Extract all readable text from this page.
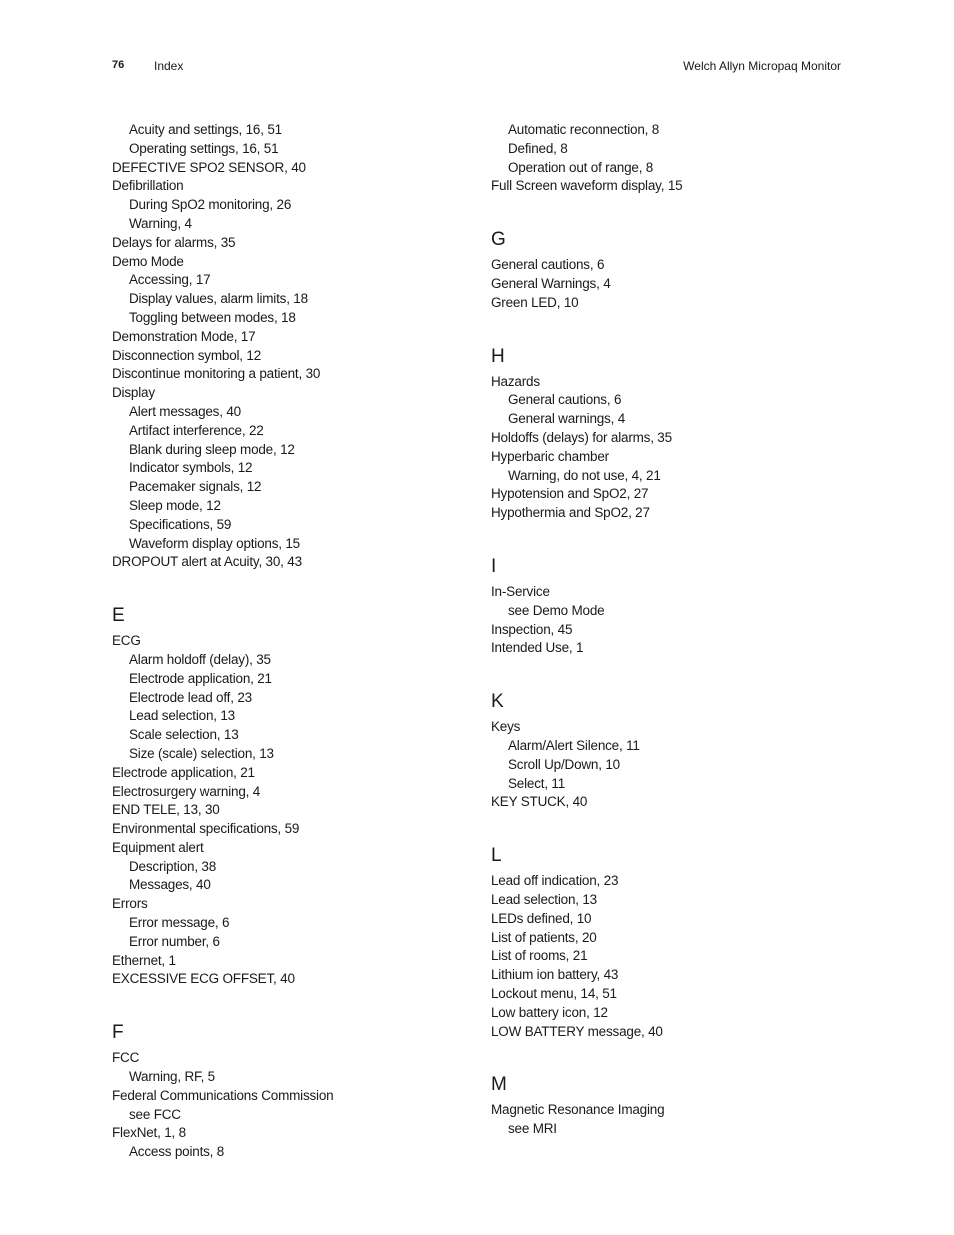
76 Index	Welch Allyn Micropaq Monitor
Acuity and settings, 16, 51
Operating settings, 16, 51
DEFECTIVE SPO2 SENSOR, 40
Defibrillation
During SpO2 monitoring, 26
Warning, 4
Delays for alarms, 35
Demo Mode
Accessing, 17
Display values, alarm limits, 18
Toggling between modes, 18
Demonstration Mode, 17
Disconnection symbol, 12
Discontinue monitoring a patient, 30
Display
Alert messages, 40
Artifact interference, 22
Blank during sleep mode, 12
Indicator symbols, 12
Pacemaker signals, 12
Sleep mode, 12
Specifications, 59
Waveform display options, 15
DROPOUT alert at Acuity, 30, 43
E
ECG
Alarm holdoff (delay), 35
Electrode application, 21
Electrode lead off, 23
Lead selection, 13
Scale selection, 13
Size (scale) selection, 13
Electrode application, 21
Electrosurgery warning, 4
END TELE, 13, 30
Environmental specifications, 59
Equipment alert
Description, 38
Messages, 40
Errors
Error message, 6
Error number, 6
Ethernet, 1
EXCESSIVE ECG OFFSET, 40
F
FCC
Warning, RF, 5
Federal Communications Commission
see FCC
FlexNet, 1, 8
Access points, 8
Automatic reconnection, 8
Defined, 8
Operation out of range, 8
Full Screen waveform display, 15
G
General cautions, 6
General Warnings, 4
Green LED, 10
H
Hazards
General cautions, 6
General warnings, 4
Holdoffs (delays) for alarms, 35
Hyperbaric chamber
Warning, do not use, 4, 21
Hypotension and SpO2, 27
Hypothermia and SpO2, 27
I
In-Service
see Demo Mode
Inspection, 45
Intended Use, 1
K
Keys
Alarm/Alert Silence, 11
Scroll Up/Down, 10
Select, 11
KEY STUCK, 40
L
Lead off indication, 23
Lead selection, 13
LEDs defined, 10
List of patients, 20
List of rooms, 21
Lithium ion battery, 43
Lockout menu, 14, 51
Low battery icon, 12
LOW BATTERY message, 40
M
Magnetic Resonance Imaging
see MRI
